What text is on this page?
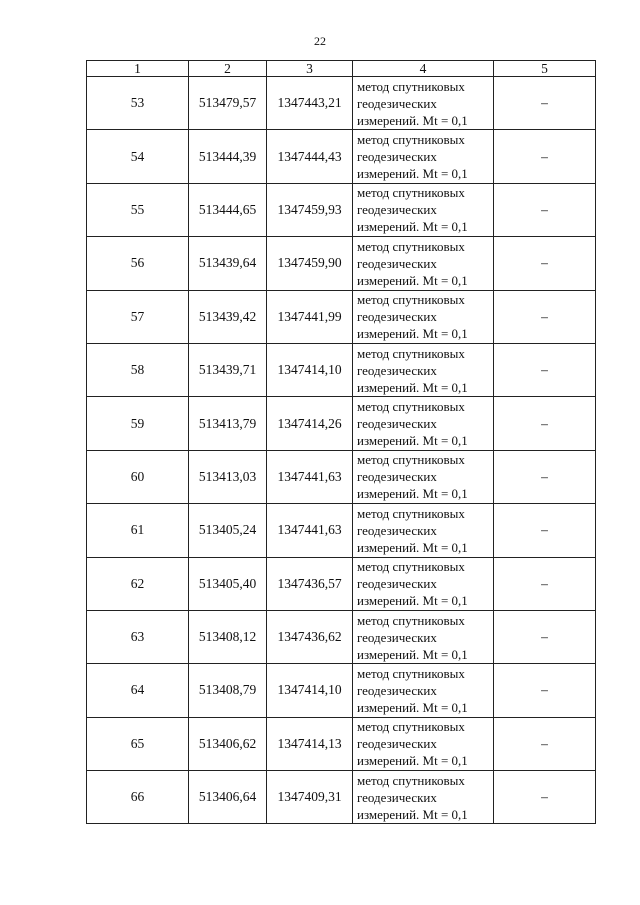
22
1	2	3	4	5
53	513479,57	1347443,21	метод спутниковых
геодезических
измерений. Mt = 0,1	–
54	513444,39	1347444,43	метод спутниковых
геодезических
измерений. Mt = 0,1	–
55	513444,65	1347459,93	метод спутниковых
геодезических
измерений. Mt = 0,1	–
56	513439,64	1347459,90	метод спутниковых
геодезических
измерений. Mt = 0,1	–
57	513439,42	1347441,99	метод спутниковых
геодезических
измерений. Mt = 0,1	–
58	513439,71	1347414,10	метод спутниковых
геодезических
измерений. Mt = 0,1	–
59	513413,79	1347414,26	метод спутниковых
геодезических
измерений. Mt = 0,1	–
60	513413,03	1347441,63	метод спутниковых
геодезических
измерений. Mt = 0,1	–
61	513405,24	1347441,63	метод спутниковых
геодезических
измерений. Mt = 0,1	–
62	513405,40	1347436,57	метод спутниковых
геодезических
измерений. Mt = 0,1	–
63	513408,12	1347436,62	метод спутниковых
геодезических
измерений. Mt = 0,1	–
64	513408,79	1347414,10	метод спутниковых
геодезических
измерений. Mt = 0,1	–
65	513406,62	1347414,13	метод спутниковых
геодезических
измерений. Mt = 0,1	–
66	513406,64	1347409,31	метод спутниковых
геодезических
измерений. Mt = 0,1	–
